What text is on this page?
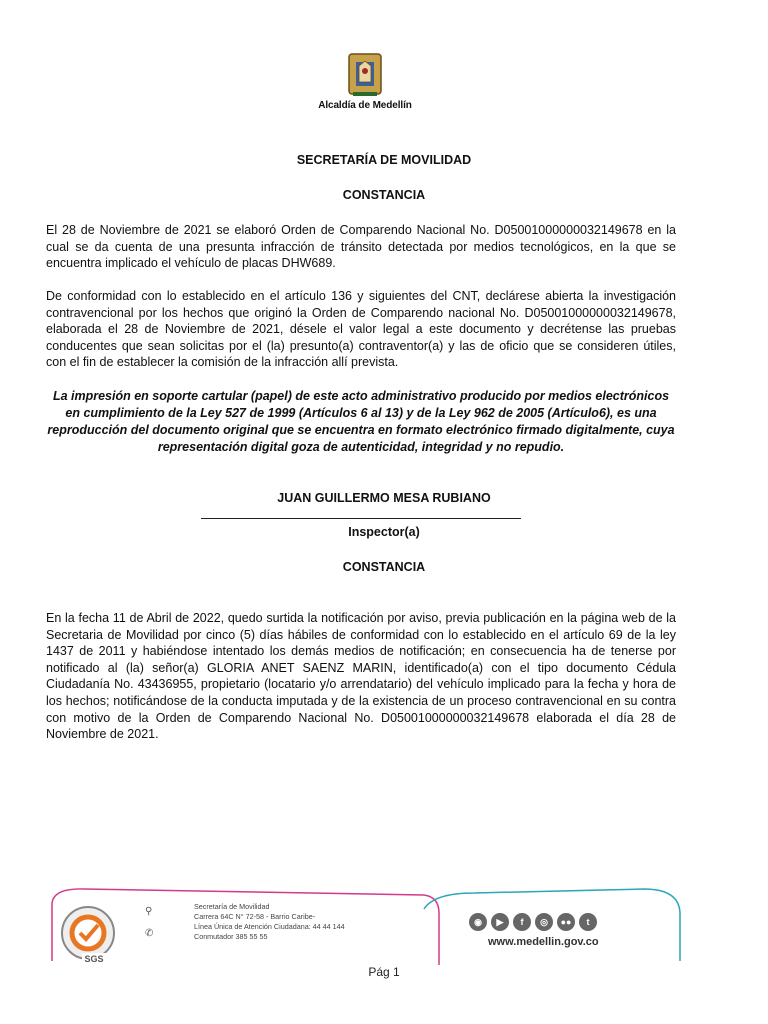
Alcaldía de Medellín
SECRETARÍA DE MOVILIDAD
CONSTANCIA

El 28 de Noviembre de 2021 se elaboró Orden de Comparendo Nacional No. D05001000000032149678 en la cual se da cuenta de una presunta infracción de tránsito detectada por medios tecnológicos, en la que se encuentra implicado el vehículo de placas DHW689.

De conformidad con lo establecido en el artículo 136 y siguientes del CNT, declárese abierta la investigación contravencional por los hechos que originó la Orden de Comparendo nacional No. D05001000000032149678, elaborada el 28 de Noviembre de 2021, désele el valor legal a este documento y decrétense las pruebas conducentes que sean solicitas por el (la) presunto(a) contraventor(a) y las de oficio que se consideren útiles, con el fin de establecer la comisión de la infracción allí prevista.

La impresión en soporte cartular (papel) de este acto administrativo producido por medios electrónicos en cumplimiento de la Ley 527 de 1999 (Artículos 6 al 13) y de la Ley 962 de 2005 (Artículo6), es una reproducción del documento original que se encuentra en formato electrónico firmado digitalmente, cuya representación digital goza de autenticidad, integridad y no repudio.

JUAN GUILLERMO MESA RUBIANO
Inspector(a)
CONSTANCIA

En la fecha 11 de Abril de 2022, quedo surtida la notificación por aviso, previa publicación en la página web de la Secretaria de Movilidad por cinco (5) días hábiles de conformidad con lo establecido en el artículo 69 de la ley 1437 de 2011 y habiéndose intentado los demás medios de notificación; en consecuencia ha de tenerse por notificado al (la) señor(a) GLORIA ANET SAENZ MARIN, identificado(a) con el tipo documento Cédula Ciudadanía No. 43436955, propietario (locatario y/o arrendatario) del vehículo implicado para la fecha y hora de los hechos; notificándose de la conducta imputada y de la existencia de un proceso contravencional en su contra con motivo de la Orden de Comparendo Nacional No. D05001000000032149678 elaborada el día 28 de Noviembre de 2021.

SGS
⚲
✆
Secretaría de Movilidad
Carrera 64C N° 72-58 - Barrio Caribe-
Línea Única de Atención Ciudadana: 44 44 144
Conmutador 385 55 55
◉	▶	f	◎	●●	t
www.medellin.gov.co
Pág 1
